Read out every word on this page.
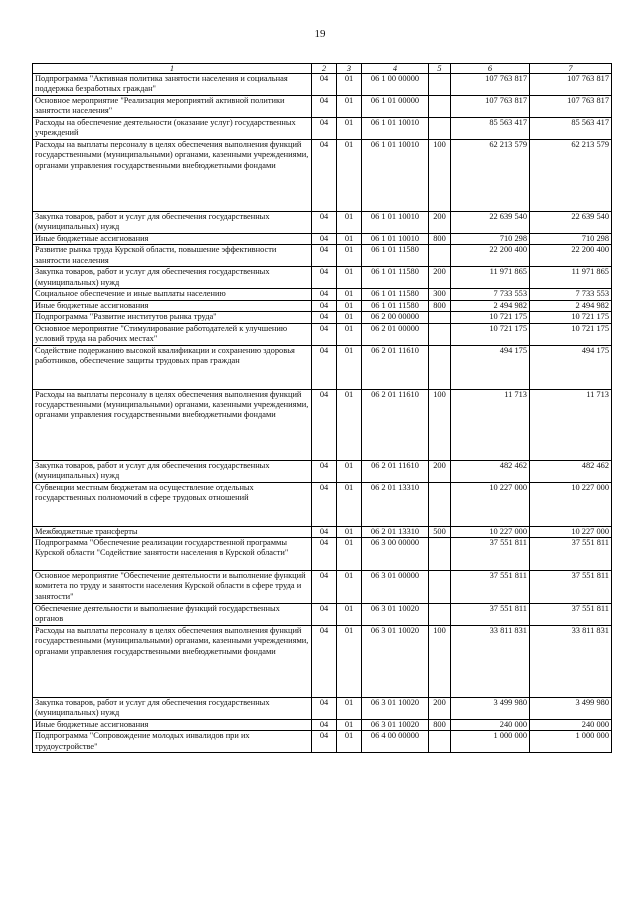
19
1	2	3	4	5	6	7
Подпрограмма "Активная политика занятости населения и социальная поддержка безработных граждан"	04	01	06 1 00 00000		107 763 817	107 763 817
Основное мероприятие "Реализация мероприятий активной политики занятости населения"	04	01	06 1 01 00000		107 763 817	107 763 817
Расходы на обеспечение деятельности (оказание услуг) государственных учреждений	04	01	06 1 01 10010		85 563 417	85 563 417
Расходы на выплаты персоналу в целях обеспечения выполнения функций государственными (муниципальными) органами, казенными учреждениями, органами управления государственными внебюджетными фондами	04	01	06 1 01 10010	100	62 213 579	62 213 579
Закупка товаров, работ и услуг для обеспечения государственных (муниципальных) нужд	04	01	06 1 01 10010	200	22 639 540	22 639 540
Иные бюджетные ассигнования	04	01	06 1 01 10010	800	710 298	710 298
Развитие рынка труда Курской области, повышение эффективности занятости населения	04	01	06 1 01 11580		22 200 400	22 200 400
Закупка товаров, работ и услуг для обеспечения государственных (муниципальных) нужд	04	01	06 1 01 11580	200	11 971 865	11 971 865
Социальное обеспечение и иные выплаты населению	04	01	06 1 01 11580	300	7 733 553	7 733 553
Иные бюджетные ассигнования	04	01	06 1 01 11580	800	2 494 982	2 494 982
Подпрограмма "Развитие институтов рынка труда"	04	01	06 2 00 00000		10 721 175	10 721 175
Основное мероприятие "Стимулирование работодателей к улучшению условий труда на рабочих местах"	04	01	06 2 01 00000		10 721 175	10 721 175
Содействие подержанию высокой квалификации и сохранению здоровья работников, обеспечение защиты трудовых прав граждан	04	01	06 2 01 11610		494 175	494 175
Расходы на выплаты персоналу в целях обеспечения выполнения функций государственными (муниципальными) органами, казенными учреждениями, органами управления государственными внебюджетными фондами	04	01	06 2 01 11610	100	11 713	11 713
Закупка товаров, работ и услуг для обеспечения государственных (муниципальных) нужд	04	01	06 2 01 11610	200	482 462	482 462
Субвенции местным бюджетам на осуществление отдельных государственных полномочий в сфере трудовых отношений	04	01	06 2 01 13310		10 227 000	10 227 000
Межбюджетные трансферты	04	01	06 2 01 13310	500	10 227 000	10 227 000
Подпрограмма "Обеспечение реализации государственной программы Курской области "Содействие занятости населения в Курской области"	04	01	06 3 00 00000		37 551 811	37 551 811
Основное мероприятие "Обеспечение деятельности и выполнение функций комитета по труду и занятости населения Курской области в сфере труда и занятости"	04	01	06 3 01 00000		37 551 811	37 551 811
Обеспечение деятельности и выполнение функций государственных органов	04	01	06 3 01 10020		37 551 811	37 551 811
Расходы на выплаты персоналу в целях обеспечения выполнения функций государственными (муниципальными) органами, казенными учреждениями, органами управления государственными внебюджетными фондами	04	01	06 3 01 10020	100	33 811 831	33 811 831
Закупка товаров, работ и услуг для обеспечения государственных (муниципальных) нужд	04	01	06 3 01 10020	200	3 499 980	3 499 980
Иные бюджетные ассигнования	04	01	06 3 01 10020	800	240 000	240 000
Подпрограмма "Сопровождение молодых инвалидов при их трудоустройстве"	04	01	06 4 00 00000		1 000 000	1 000 000
